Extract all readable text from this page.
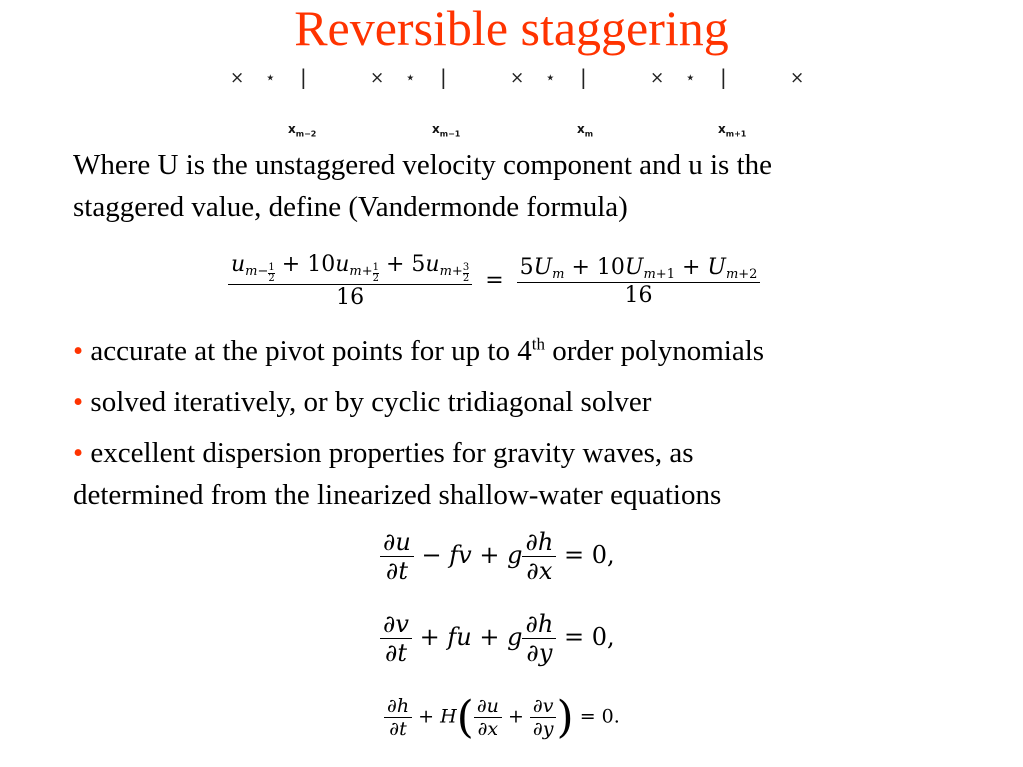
Reversible staggering
× ⋆ |	× ⋆ |	× ⋆ |	× ⋆ |	×
$x_{m-2}$	$x_{m-1}$	$x_m$	$x_{m+1}$
Where U is the unstaggered velocity component and u is the
staggered value, define (Vandermonde formula)
$\frac{um- \frac{1}{2} + 10um+ \frac{1}{2} + 5um+ \frac{3}{2}}{16} = \frac{5Um + 10Um+1 + Um+2}{16}$
• accurate at the pivot points for up to 4th order polynomials
• solved iteratively, or by cyclic tridiagonal solver
• excellent dispersion properties for gravity waves, as
determined from the linearized shallow-water equations
$\frac{\partial u}{\partial t}$ − fv + g $\frac{\partial h}{\partial x} = 0$,
$\frac{\partial v}{\partial t}$ + fu + g $\frac{\partial h}{\partial y} = 0$,
$\frac{\partial h}{\partial t} + H( \frac{\partial u}{\partial x} + \frac{\partial v}{\partial y}$ ) = 0.
